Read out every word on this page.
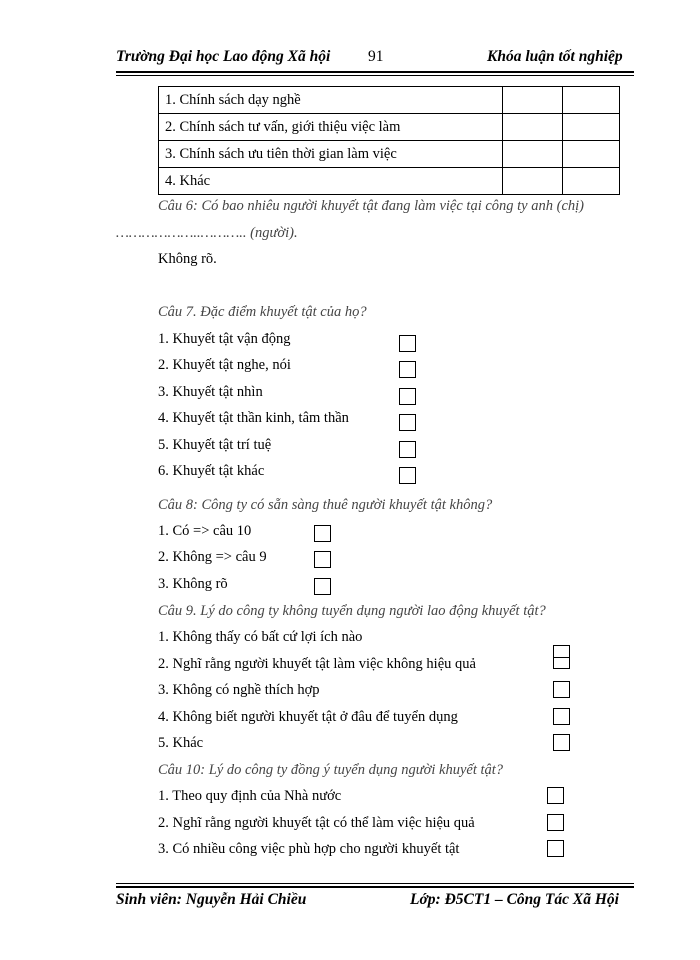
Trường Đại học Lao động Xã hội 91	Khóa luận tốt nghiệp
1. Chính sách dạy nghề		
2. Chính sách tư vấn, giới thiệu việc làm		
3. Chính sách ưu tiên thời gian làm việc		
4. Khác		
Câu 6: Có bao nhiêu người khuyết tật đang làm việc tại công ty anh (chị)
………………..……….. (người).
Không rõ.
Câu 7. Đặc điểm khuyết tật của họ?
1. Khuyết tật vận động
2. Khuyết tật nghe, nói
3. Khuyết tật nhìn
4. Khuyết tật thần kinh, tâm thần
5. Khuyết tật trí tuệ
6. Khuyết tật khác
Câu 8: Công ty có sẵn sàng thuê người khuyết tật không?
1. Có => câu 10
2. Không => câu 9
3. Không rõ
Câu 9. Lý do công ty không tuyển dụng người lao động khuyết tật?
1. Không thấy có bất cứ lợi ích nào
2. Nghĩ rằng người khuyết tật làm việc không hiệu quả
3. Không có nghề thích hợp
4. Không biết người khuyết tật ở đâu để tuyển dụng
5. Khác
Câu 10: Lý do công ty đồng ý tuyển dụng người khuyết tật?
1. Theo quy định của Nhà nước
2. Nghĩ rằng người khuyết tật có thể làm việc hiệu quả
3. Có nhiều công việc phù hợp cho người khuyết tật
Sinh viên: Nguyễn Hải Chiều	Lớp: Đ5CT1 – Công Tác Xã Hội
